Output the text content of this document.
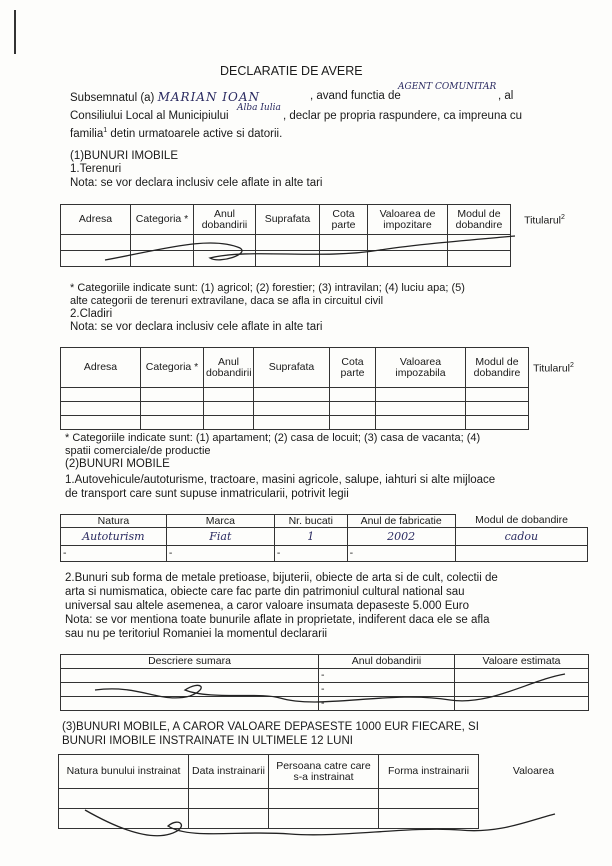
DECLARATIE DE AVERE
Subsemnatul (a) MARIAN IOAN	, avand functia de
AGENT COMUNITAR
, al
Consiliului Local al Municipiului
Alba Iulia
, declar pe propria raspundere, ca impreuna cu
familia$^1$ detin urmatoarele active si datorii.
(1)BUNURI IMOBILE
1.Terenuri
Nota: se vor declara inclusiv cele aflate in alte tari
Adresa	Categoria *	Anul dobandirii	Suprafata	Cota parte	Valoarea de impozitare	Modul de dobandire	Titularul$^2$

* Categoriile indicate sunt: (1) agricol; (2) forestier; (3) intravilan; (4) luciu apa; (5)
alte categorii de terenuri extravilane, daca se afla in circuitul civil
2.Cladiri
Nota: se vor declara inclusiv cele aflate in alte tari
Adresa	Categoria *	Anul dobandirii	Suprafata	Cota parte	Valoarea impozabila	Modul de dobandire	Titularul$^2$

* Categoriile indicate sunt: (1) apartament; (2) casa de locuit; (3) casa de vacanta; (4)
spatii comerciale/de productie
(2)BUNURI MOBILE
1.Autovehicule/autoturisme, tractoare, masini agricole, salupe, iahturi si alte mijloace
de transport care sunt supuse inmatricularii, potrivit legii
Natura	Marca	Nr. bucati	Anul de fabricatie	Modul de dobandire
Autoturism	Fiat	1	2002	cadou
-	-	-	-	
2.Bunuri sub forma de metale pretioase, bijuterii, obiecte de arta si de cult, colectii de
arta si numismatica, obiecte care fac parte din patrimoniul cultural national sau
universal sau altele asemenea, a caror valoare insumata depaseste 5.000 Euro
Nota: se vor mentiona toate bunurile aflate in proprietate, indiferent daca ele se afla
sau nu pe teritoriul Romaniei la momentul declararii
Descriere sumara	Anul dobandirii	Valoare estimata
	-	
	-	
	-	
(3)BUNURI MOBILE, A CAROR VALOARE DEPASESTE 1000 EUR FIECARE, SI
BUNURI IMOBILE INSTRAINATE IN ULTIMELE 12 LUNI
Natura bunului instrainat	Data instrainarii	Persoana catre care s-a instrainat	Forma instrainarii	Valoarea
